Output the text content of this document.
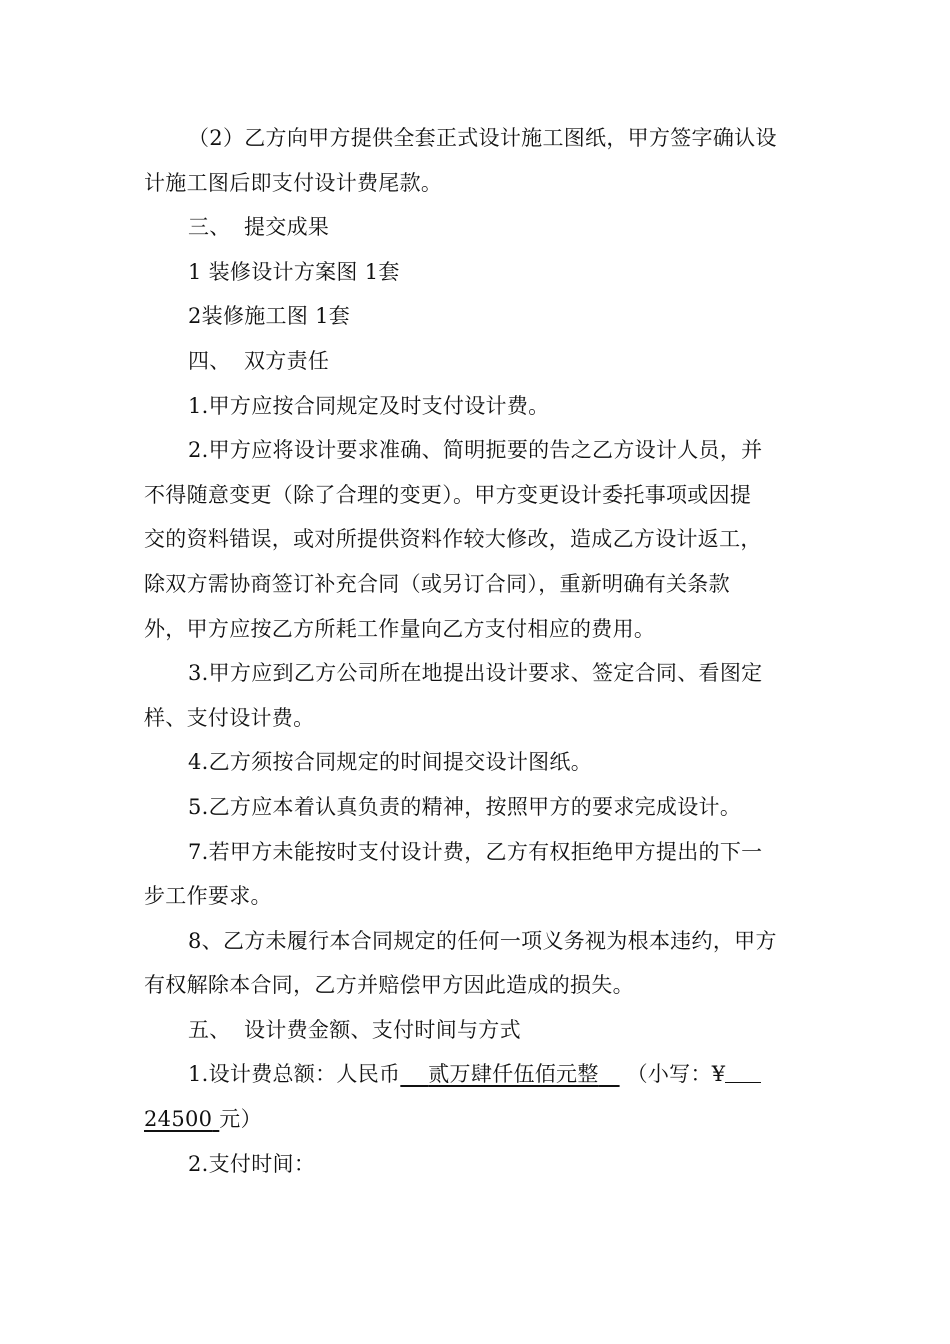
（2）乙方向甲方提供全套正式设计施工图纸，甲方签字确认设
计施工图后即支付设计费尾款。
三、 提交成果
1 装修设计方案图 1套
2装修施工图 1套
四、 双方责任
1.甲方应按合同规定及时支付设计费。
2.甲方应将设计要求准确、简明扼要的告之乙方设计人员，并
不得随意变更（除了合理的变更）。甲方变更设计委托事项或因提
交的资料错误，或对所提供资料作较大修改，造成乙方设计返工，
除双方需协商签订补充合同（或另订合同），重新明确有关条款
外，甲方应按乙方所耗工作量向乙方支付相应的费用。
3.甲方应到乙方公司所在地提出设计要求、签定合同、看图定
样、支付设计费。
4.乙方须按合同规定的时间提交设计图纸。
5.乙方应本着认真负责的精神，按照甲方的要求完成设计。
7.若甲方未能按时支付设计费，乙方有权拒绝甲方提出的下一
步工作要求。
8、乙方未履行本合同规定的任何一项义务视为根本违约，甲方
有权解除本合同，乙方并赔偿甲方因此造成的损失。
五、 设计费金额、支付时间与方式
1.设计费总额：人民币 贰万肆仟伍佰元整 （小写：¥
24500 元）
2.支付时间：
